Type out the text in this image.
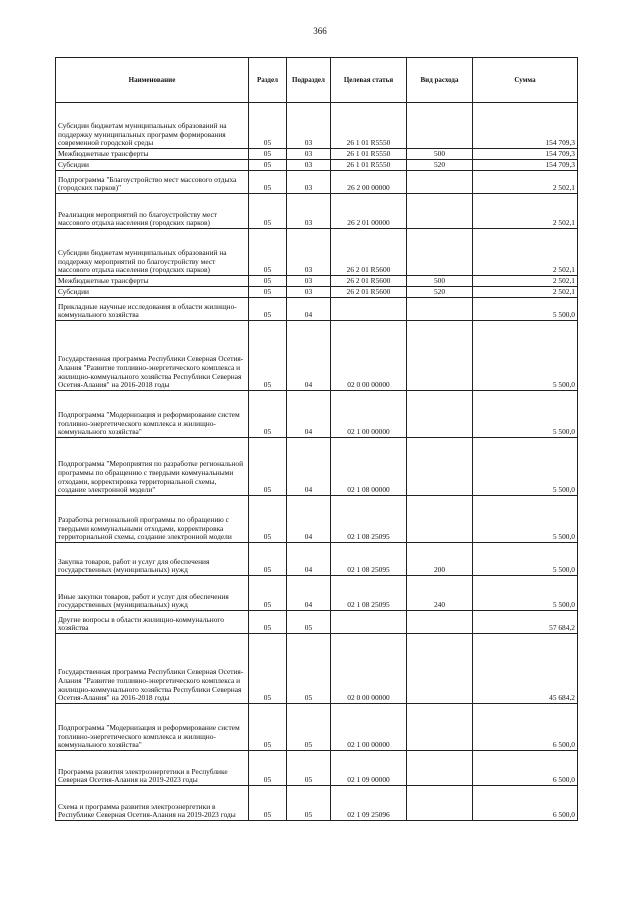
366
Наименование	Раздел	Подраздел	Целевая статья	Вид расхода	Сумма
Субсидии бюджетам муниципальных образований на поддержку муниципальных программ формирования современной городской среды	05	03	26 1 01 R5550		154 709,3
Межбюджетные трансферты	05	03	26 1 01 R5550	500	154 709,3
Субсидии	05	03	26 1 01 R5550	520	154 709,3
Подпрограмма "Благоустройство мест массового отдыха (городских парков)"	05	03	26 2 00 00000		2 502,1
Реализация мероприятий по благоустройству мест массового отдыха населения (городских парков)	05	03	26 2 01 00000		2 502,1
Субсидии бюджетам муниципальных образований на поддержку мероприятий по благоустройству мест массового отдыха населения (городских парков)	05	03	26 2 01 R5600		2 502,1
Межбюджетные трансферты	05	03	26 2 01 R5600	500	2 502,1
Субсидии	05	03	26 2 01 R5600	520	2 502,1
Прикладные научные исследования в области жилищно-коммунального хозяйства	05	04			5 500,0
Государственная программа Республики Северная Осетия-Алания "Развитие топливно-энергетического комплекса и жилищно-коммунального хозяйства Республики Северная Осетия-Алания" на 2016-2018 годы	05	04	02 0 00 00000		5 500,0
Подпрограмма "Модернизация и реформирование систем топливно-энергетического комплекса и жилищно-коммунального хозяйства"	05	04	02 1 00 00000		5 500,0
Подпрограмма "Мероприятия по разработке региональной программы по обращению с твердыми коммунальными отходами, корректировка территориальной схемы, создание электронной модели"	05	04	02 1 08 00000		5 500,0
Разработка региональной программы по обращению с твердыми коммунальными отходами, корректировка территориальной схемы, создание электронной модели	05	04	02 1 08 25095		5 500,0
Закупка товаров, работ и услуг для обеспечения государственных (муниципальных) нужд	05	04	02 1 08 25095	200	5 500,0
Иные закупки товаров, работ и услуг для обеспечения государственных (муниципальных) нужд	05	04	02 1 08 25095	240	5 500,0
Другие вопросы в области жилищно-коммунального хозяйства	05	05			57 684,2
Государственная программа Республики Северная Осетия-Алания "Развитие топливно-энергетического комплекса и жилищно-коммунального хозяйства Республики Северная Осетия-Алания" на 2016-2018 годы	05	05	02 0 00 00000		45 684,2
Подпрограмма "Модернизация и реформирование систем топливно-энергетического комплекса и жилищно-коммунального хозяйства"	05	05	02 1 00 00000		6 500,0
Программа развития электроэнергетики в Республике Северная Осетия-Алания на 2019-2023 годы	05	05	02 1 09 00000		6 500,0
Схема и программа развития электроэнергетики в Республике Северная Осетия-Алания на 2019-2023 годы	05	05	02 1 09 25096		6 500,0
